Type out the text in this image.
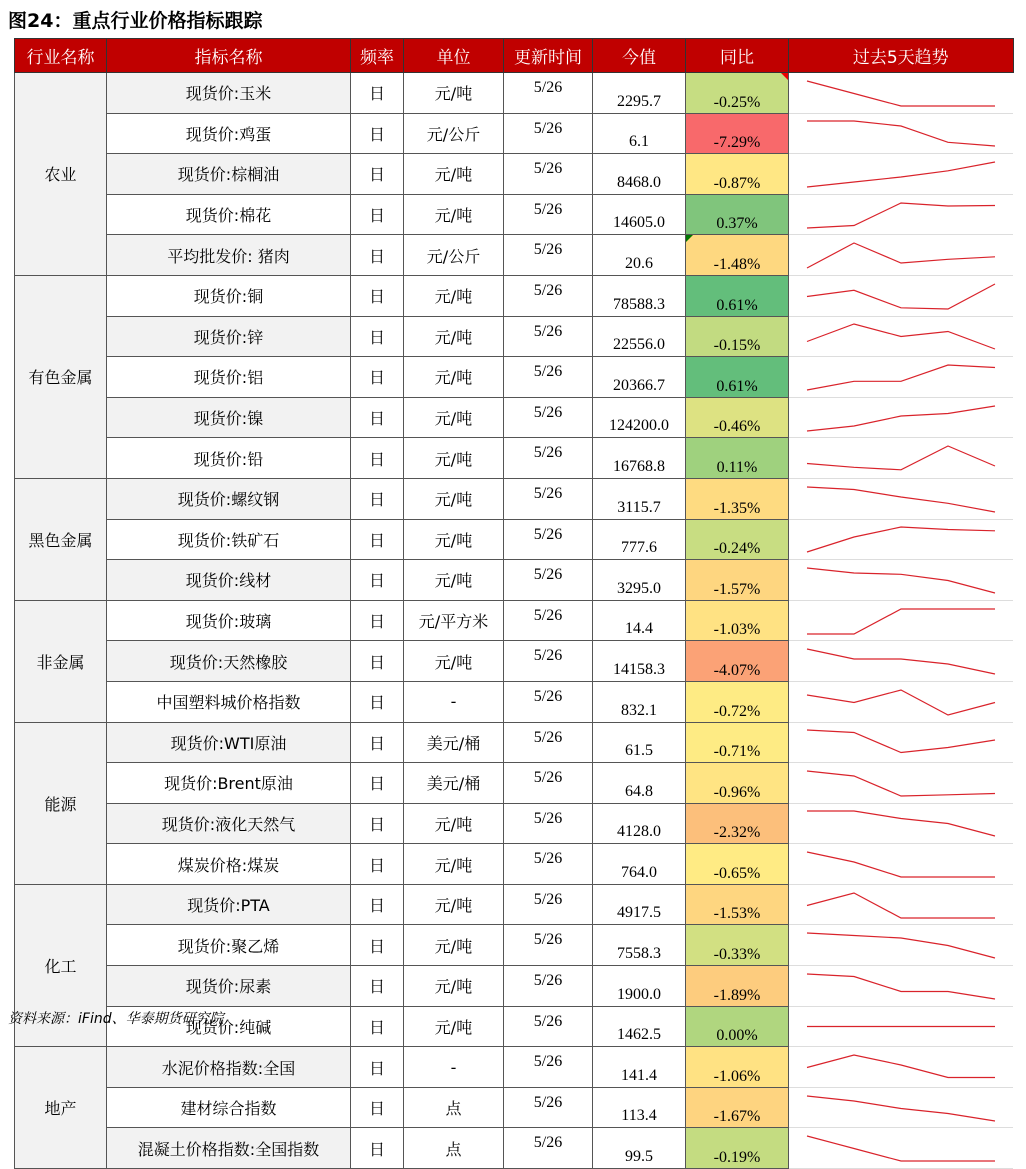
图24：重点行业价格指标跟踪
行业名称	指标名称	频率	单位	更新时间	今值	同比	过去5天趋势
农业	现货价:玉米	日	元/吨	5/26	2295.7	-0.25%

	现货价:鸡蛋	日	元/公斤	5/26	6.1	-7.29%	

	现货价:棕榈油	日	元/吨	5/26	8468.0	-0.87%	

	现货价:棉花	日	元/吨	5/26	14605.0	0.37%	

	平均批发价: 猪肉	日	元/公斤	5/26	20.6	-1.48%

有色金属	现货价:铜	日	元/吨	5/26	78588.3	0.61%	

	现货价:锌	日	元/吨	5/26	22556.0	-0.15%	

	现货价:铝	日	元/吨	5/26	20366.7	0.61%	

	现货价:镍	日	元/吨	5/26	124200.0	-0.46%	

	现货价:铅	日	元/吨	5/26	16768.8	0.11%	

黑色金属	现货价:螺纹钢	日	元/吨	5/26	3115.7	-1.35%	

	现货价:铁矿石	日	元/吨	5/26	777.6	-0.24%	

	现货价:线材	日	元/吨	5/26	3295.0	-1.57%	

非金属	现货价:玻璃	日	元/平方米	5/26	14.4	-1.03%	

	现货价:天然橡胶	日	元/吨	5/26	14158.3	-4.07%	

	中国塑料城价格指数	日	-	5/26	832.1	-0.72%	

能源	现货价:WTI原油	日	美元/桶	5/26	61.5	-0.71%	

	现货价:Brent原油	日	美元/桶	5/26	64.8	-0.96%	

	现货价:液化天然气	日	元/吨	5/26	4128.0	-2.32%	

	煤炭价格:煤炭	日	元/吨	5/26	764.0	-0.65%	

化工	现货价:PTA	日	元/吨	5/26	4917.5	-1.53%	

	现货价:聚乙烯	日	元/吨	5/26	7558.3	-0.33%	

	现货价:尿素	日	元/吨	5/26	1900.0	-1.89%	

	现货价:纯碱	日	元/吨	5/26	1462.5	0.00%	

地产	水泥价格指数:全国	日	-	5/26	141.4	-1.06%	

	建材综合指数	日	点	5/26	113.4	-1.67%	

	混凝土价格指数:全国指数	日	点	5/26	99.5	-0.19%	
资料来源：iFind、华泰期货研究院
